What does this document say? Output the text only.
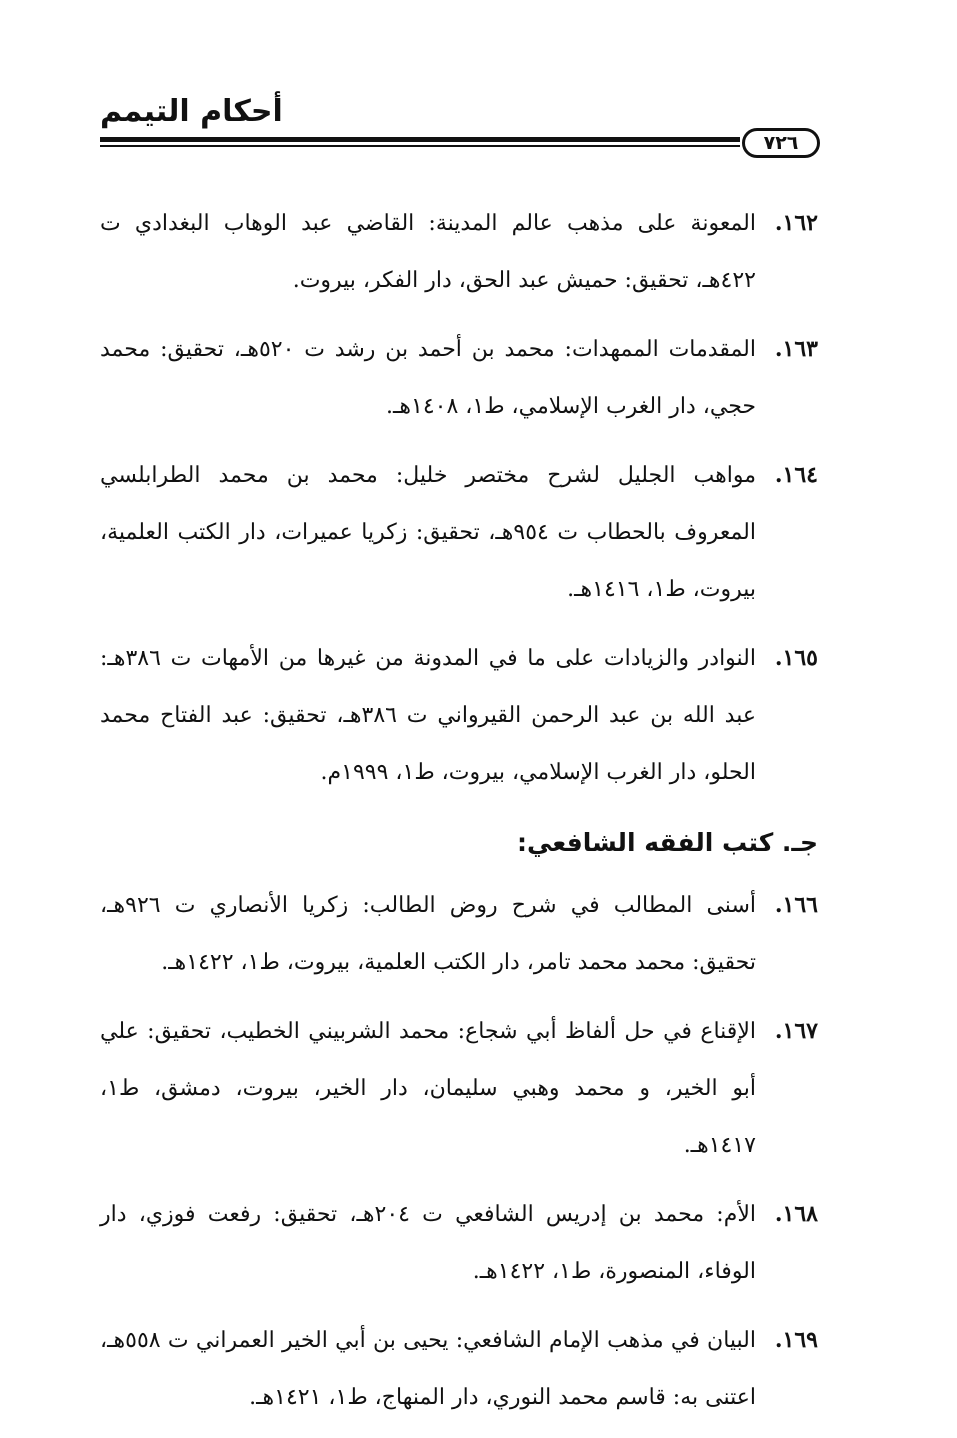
أحكام التيمم
٧٢٦
١٦٢.
المعونة على مذهب عالم المدينة: القاضي عبد الوهاب البغدادي ت ٤٢٢هـ، تحقيق: حميش عبد الحق، دار الفكر، بيروت.
١٦٣.
المقدمات الممهدات: محمد بن أحمد بن رشد ت ٥٢٠هـ، تحقيق: محمد حجي، دار الغرب الإسلامي، ط١، ١٤٠٨هـ.
١٦٤.
مواهب الجليل لشرح مختصر خليل: محمد بن محمد الطرابلسي المعروف بالحطاب ت ٩٥٤هـ، تحقيق: زكريا عميرات، دار الكتب العلمية، بيروت، ط١، ١٤١٦هـ.
١٦٥.
النوادر والزيادات على ما في المدونة من غيرها من الأمهات ت ٣٨٦هـ: عبد الله بن عبد الرحمن القيرواني ت ٣٨٦هـ، تحقيق: عبد الفتاح محمد الحلو، دار الغرب الإسلامي، بيروت، ط١، ١٩٩٩م.
جـ. كتب الفقه الشافعي:
١٦٦.
أسنى المطالب في شرح روض الطالب: زكريا الأنصاري ت ٩٢٦هـ، تحقيق: محمد محمد تامر، دار الكتب العلمية، بيروت، ط١، ١٤٢٢هـ.
١٦٧.
الإقناع في حل ألفاظ أبي شجاع: محمد الشربيني الخطيب، تحقيق: علي أبو الخير، و محمد وهبي سليمان، دار الخير، بيروت، دمشق، ط١، ١٤١٧هـ.
١٦٨.
الأم: محمد بن إدريس الشافعي ت ٢٠٤هـ، تحقيق: رفعت فوزي، دار الوفاء، المنصورة، ط١، ١٤٢٢هـ.
١٦٩.
البيان في مذهب الإمام الشافعي: يحيى بن أبي الخير العمراني ت ٥٥٨هـ، اعتنى به: قاسم محمد النوري، دار المنهاج، ط١، ١٤٢١هـ.
